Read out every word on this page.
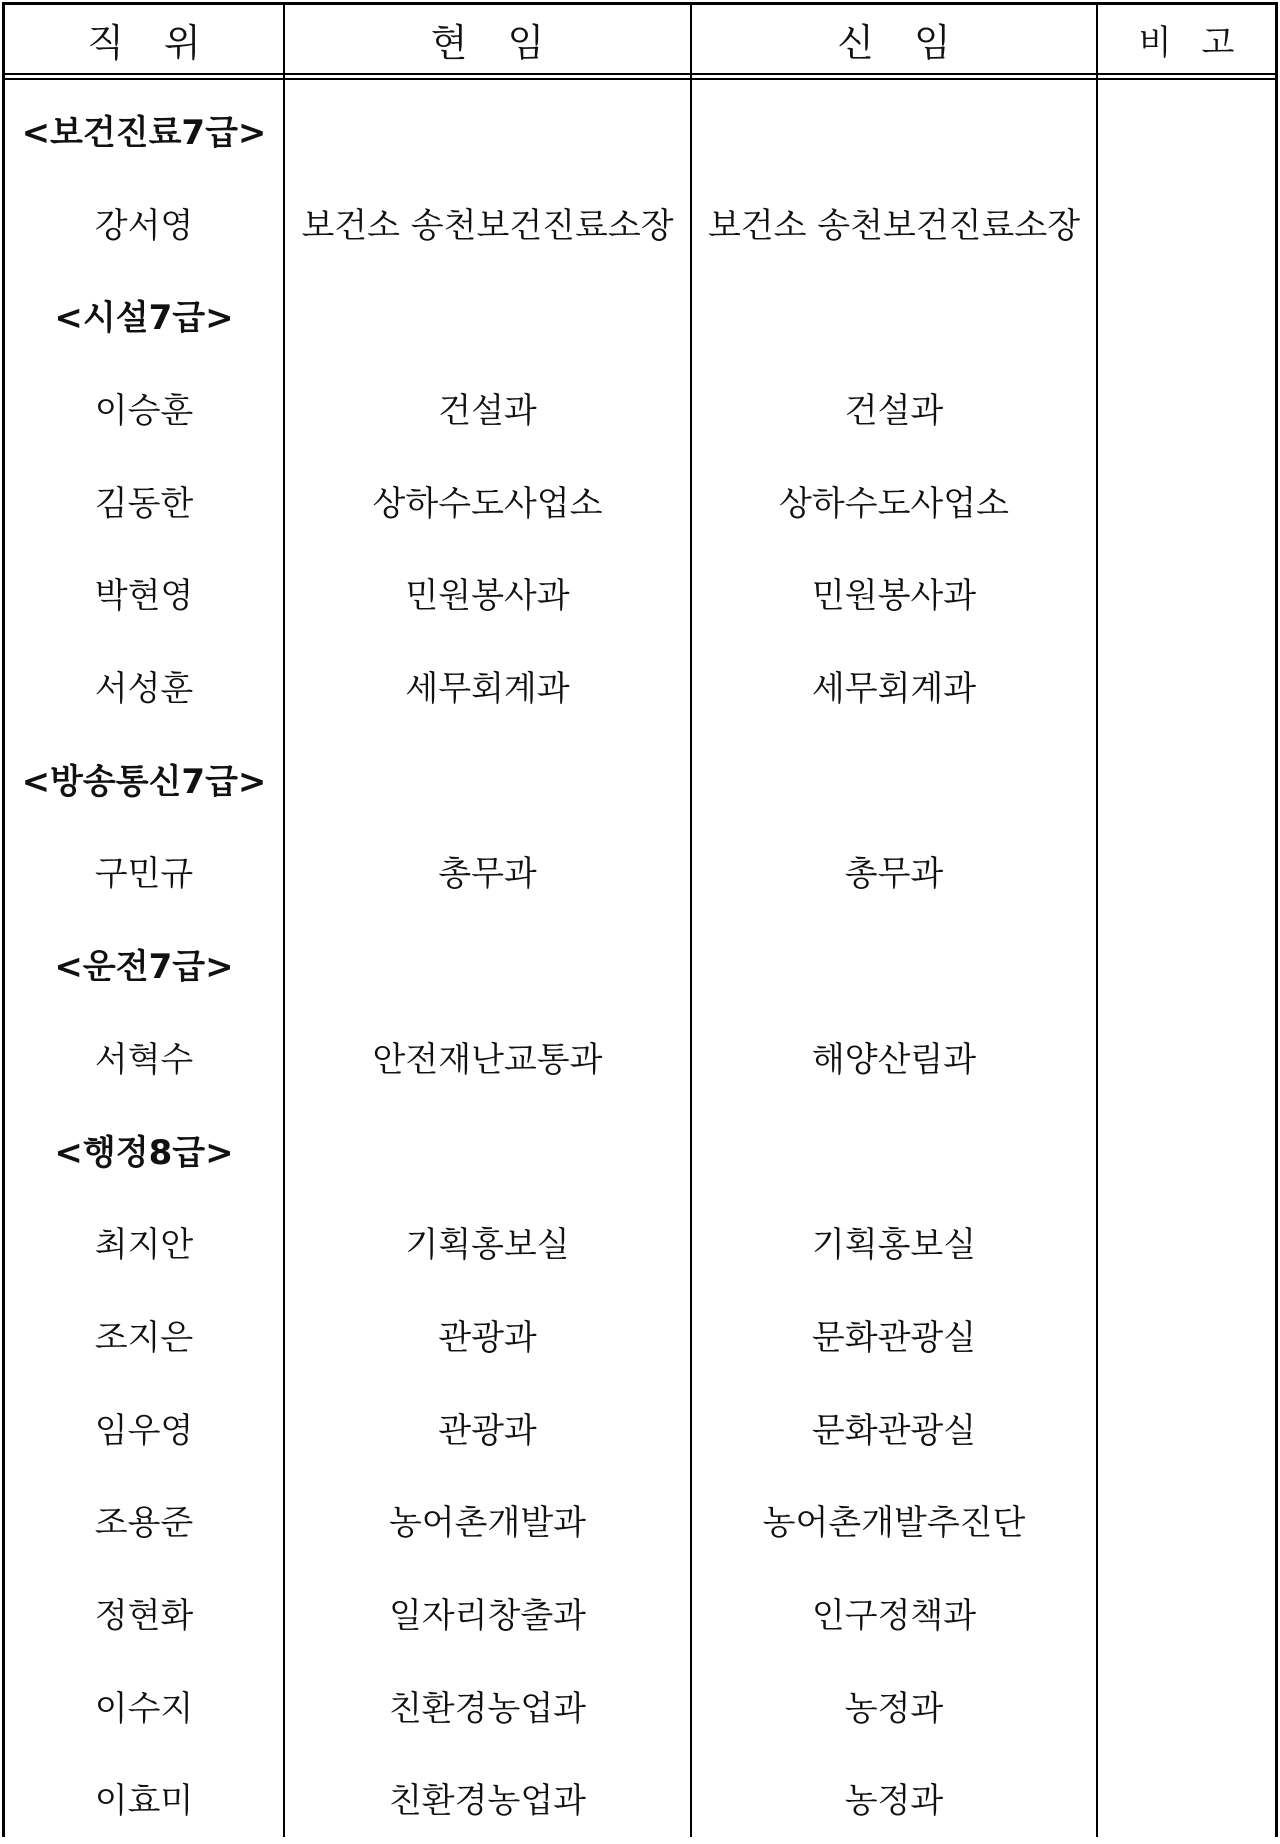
직 위	현 임	신 임	비 고
<보건진료7급>
강서영	보건소 송천보건진료소장	보건소 송천보건진료소장
<시설7급>
이승훈	건설과	건설과
김동한	상하수도사업소	상하수도사업소
박현영	민원봉사과	민원봉사과
서성훈	세무회계과	세무회계과
<방송통신7급>
구민규	총무과	총무과
<운전7급>
서혁수	안전재난교통과	해양산림과
<행정8급>
최지안	기획홍보실	기획홍보실
조지은	관광과	문화관광실
임우영	관광과	문화관광실
조용준	농어촌개발과	농어촌개발추진단
정현화	일자리창출과	인구정책과
이수지	친환경농업과	농정과
이효미	친환경농업과	농정과
